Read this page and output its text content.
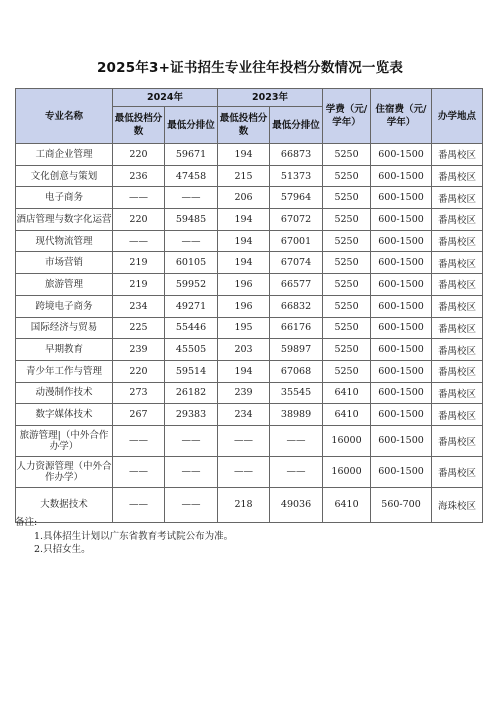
2025年3+证书招生专业往年投档分数情况一览表
专业名称	2024年		2023年		学费（元/学年）	住宿费（元/学年）	办学地点
	最低投档分数	最低分排位	最低投档分数	最低分排位			
工商企业管理	220	59671	194	66873	5250	600-1500	番禺校区
文化创意与策划	236	47458	215	51373	5250	600-1500	番禺校区
电子商务	——	——	206	57964	5250	600-1500	番禺校区
酒店管理与数字化运营	220	59485	194	67072	5250	600-1500	番禺校区
现代物流管理	——	——	194	67001	5250	600-1500	番禺校区
市场营销	219	60105	194	67074	5250	600-1500	番禺校区
旅游管理	219	59952	196	66577	5250	600-1500	番禺校区
跨境电子商务	234	49271	196	66832	5250	600-1500	番禺校区
国际经济与贸易	225	55446	195	66176	5250	600-1500	番禺校区
早期教育	239	45505	203	59897	5250	600-1500	番禺校区
青少年工作与管理	220	59514	194	67068	5250	600-1500	番禺校区
动漫制作技术	273	26182	239	35545	6410	600-1500	番禺校区
数字媒体技术	267	29383	234	38989	6410	600-1500	番禺校区
旅游管理|（中外合作办学）	——	——	——	——	16000	600-1500	番禺校区
人力资源管理（中外合作办学）	——	——	——	——	16000	600-1500	番禺校区
大数据技术	——	——	218	49036	6410	560-700	海珠校区
备注:
1.具体招生计划以广东省教育考试院公布为准。
2.只招女生。
